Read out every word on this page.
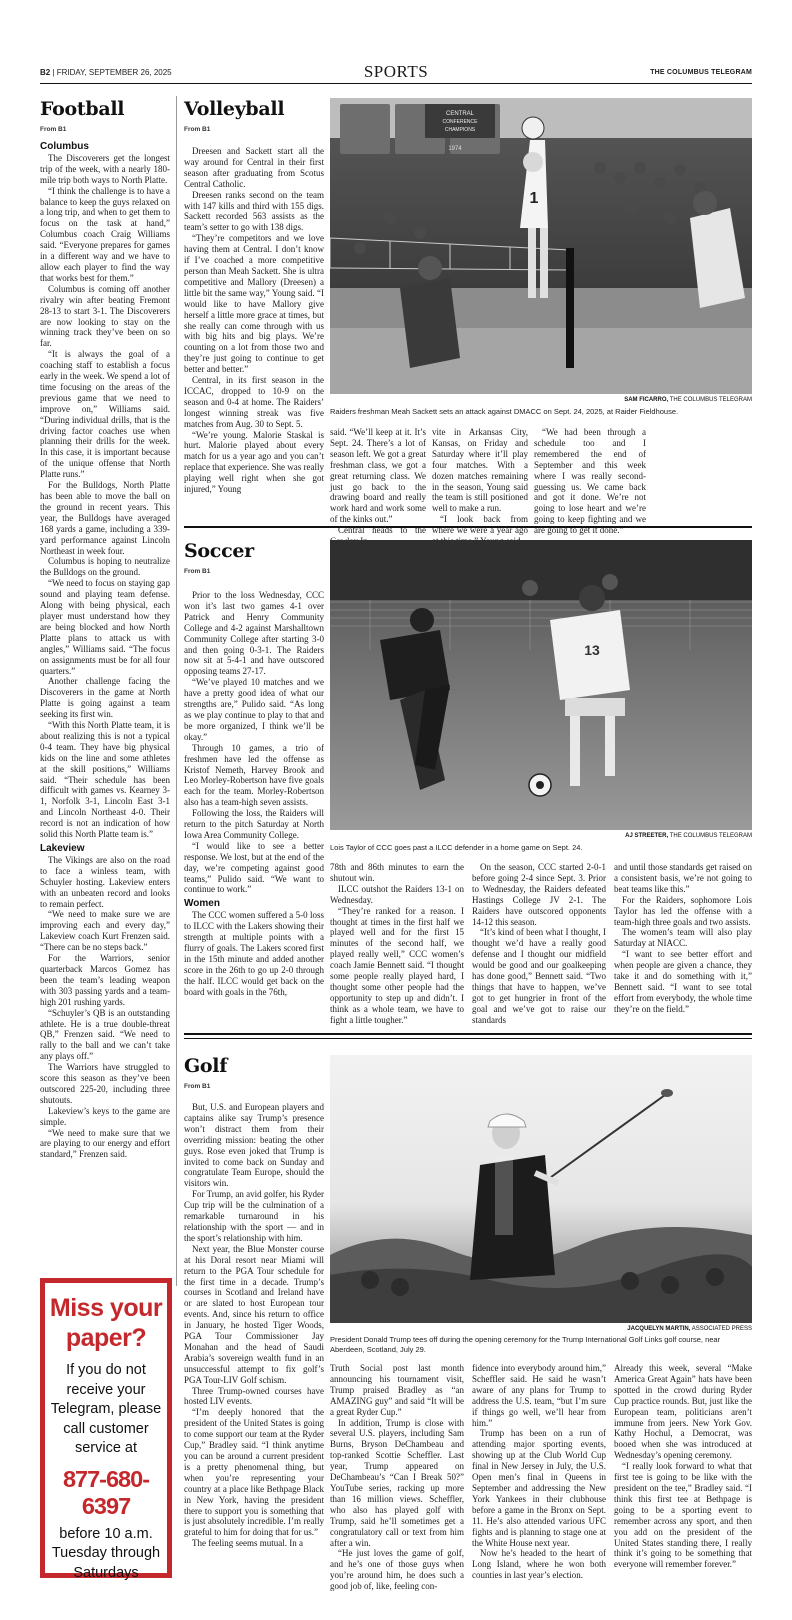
B2 | FRIDAY, SEPTEMBER 26, 2025	SPORTS	THE COLUMBUS TELEGRAM
Football
From B1
Columbus

The Discoverers get the longest trip of the week, with a nearly 180-mile trip both ways to North Platte.

“I think the challenge is to have a balance to keep the guys relaxed on a long trip, and when to get them to focus on the task at hand,” Columbus coach Craig Williams said. “Everyone prepares for games in a different way and we have to allow each player to find the way that works best for them.”

Columbus is coming off another rivalry win after beating Fremont 28-13 to start 3-1. The Discoverers are now looking to stay on the winning track they’ve been on so far.

“It is always the goal of a coaching staff to establish a focus early in the week. We spend a lot of time focusing on the areas of the previous game that we need to improve on,” Williams said. “During individual drills, that is the driving factor coaches use when planning their drills for the week. In this case, it is important because of the unique offense that North Platte runs.”

For the Bulldogs, North Platte has been able to move the ball on the ground in recent years. This year, the Bulldogs have averaged 168 yards a game, including a 339-yard performance against Lincoln Northeast in week four.

Columbus is hoping to neutralize the Bulldogs on the ground.

“We need to focus on staying gap sound and playing team defense. Along with being physical, each player must understand how they are being blocked and how North Platte plans to attack us with angles,” Williams said. “The focus on assignments must be for all four quarters.”

Another challenge facing the Discoverers in the game at North Platte is going against a team seeking its first win.

“With this North Platte team, it is about realizing this is not a typical 0-4 team. They have big physical kids on the line and some athletes at the skill positions,” Williams said. “Their schedule has been difficult with games vs. Kearney 3-1, Norfolk 3-1, Lincoln East 3-1 and Lincoln Northeast 4-0. Their record is not an indication of how solid this North Platte team is.”

Lakeview

The Vikings are also on the road to face a winless team, with Schuyler hosting. Lakeview enters with an unbeaten record and looks to remain perfect.

“We need to make sure we are improving each and every day,” Lakeview coach Kurt Frenzen said. “There can be no steps back.”

For the Warriors, senior quarterback Marcos Gomez has been the team’s leading weapon with 303 passing yards and a team-high 201 rushing yards.

“Schuyler’s QB is an outstanding athlete. He is a true double-threat QB,” Frenzen said. “We need to rally to the ball and we can’t take any plays off.”

The Warriors have struggled to score this season as they’ve been outscored 225-20, including three shutouts.

Lakeview’s keys to the game are simple.

“We need to make sure that we are playing to our energy and effort standard,” Frenzen said.

Miss your paper?
If you do not receive your Telegram, please call customer service at
877-680-6397
before 10 a.m. Tuesday through Saturdays
Volleyball
From B1

Dreesen and Sackett start all the way around for Central in their first season after graduating from Scotus Central Catholic.

Dreesen ranks second on the team with 147 kills and third with 155 digs. Sackett recorded 563 assists as the team’s setter to go with 138 digs.

“They’re competitors and we love having them at Central. I don’t know if I’ve coached a more competitive person than Meah Sackett. She is ultra competitive and Mallory (Dreesen) a little bit the same way,” Young said. “I would like to have Mallory give herself a little more grace at times, but she really can come through with us with big hits and big plays. We’re counting on a lot from those two and they’re just going to continue to get better and better.”

Central, in its first season in the ICCAC, dropped to 10-9 on the season and 0-4 at home. The Raiders’ longest winning streak was five matches from Aug. 30 to Sept. 5.

“We’re young. Malorie Staskal is hurt. Malorie played about every match for us a year ago and you can’t replace that experience. She was really playing well right when she got injured,” Young

CENTRAL
CONFERENCE
CHAMPIONS
1974
1
SAM FICARRO, THE COLUMBUS TELEGRAM
Raiders freshman Meah Sackett sets an attack against DMACC on Sept. 24, 2025, at Raider Fieldhouse.

said. “We’ll keep at it. It’s Sept. 24. There’s a lot of season left. We got a great freshman class, we got a great returning class. We just go back to the drawing board and really work hard and work some of the kinks out.”

Central heads to the

vite in Arkansas City, Kansas, on Friday and Saturday where it’ll play four matches. With a dozen matches remaining in the season, Young said the team is still positioned well to make a run.

“I look back from where we were a year ago

“We had been through a schedule too and I remembered the end of September and this week where I was really second-guessing us. We came back and got it done. We’re not going to lose heart and we’re going to keep fighting and we are going to get it done.”

Soccer
From B1

Prior to the loss Wednesday, CCC won it’s last two games 4-1 over Patrick and Henry Community College and 4-2 against Marshalltown Community College after starting 3-0 and then going 0-3-1. The Raiders now sit at 5-4-1 and have outscored opposing teams 27-17.

“We’ve played 10 matches and we have a pretty good idea of what our strengths are,” Pulido said. “As long as we play continue to play to that and be more organized, I think we’ll be okay.”

Through 10 games, a trio of freshmen have led the offense as Kristof Nemeth, Harvey Brook and Leo Morley-Robertson have five goals each for the team. Morley-Robertson also has a team-high seven assists.

Following the loss, the Raiders will return to the pitch Saturday at North Iowa Area Community College.

“I would like to see a better response. We lost, but at the end of the day, we’re competing against good teams,” Pulido said. “We want to continue to work.”

Women

The CCC women suffered a 5-0 loss to ILCC with the Lakers showing their strength at multiple points with a flurry of goals. The Lakers scored first in the 15th minute and added another score in the 26th to go up 2-0 through the half. ILCC would get back on the board with goals in the 76th,

13
AJ STREETER, THE COLUMBUS TELEGRAM
Lois Taylor of CCC goes past a ILCC defender in a home game on Sept. 24.

78th and 86th minutes to earn the shutout win.

ILCC outshot the Raiders 13-1 on Wednesday.

“They’re ranked for a reason. I thought at times in the first half we played well and for the first 15 minutes of the second half, we played really well,” CCC women’s coach Jamie Bennett said. “I thought some people really played hard, I thought some other people had the opportunity to step up and didn’t. I think as a whole team, we have to fight a little tougher.”

On the season, CCC started 2-0-1 before going 2-4 since Sept. 3. Prior to Wednesday, the Raiders defeated Hastings College JV 2-1. The Raiders have outscored opponents 14-12 this season.

“It’s kind of been what I thought, I thought we’d have a really good defense and I thought our midfield would be good and our goalkeeping has done good,” Bennett said. “Two things that have to happen, we’ve got to get hungrier in front of the goal and we’ve got to raise our standards

and until those standards get raised on a consistent basis, we’re not going to beat teams like this.”

For the Raiders, sophomore Lois Taylor has led the offense with a team-high three goals and two assists.

The women’s team will also play Saturday at NIACC.

“I want to see better effort and when people are given a chance, they take it and do something with it,” Bennett said. “I want to see total effort from everybody, the whole time they’re on the field.”

Golf
From B1

But, U.S. and European players and captains alike say Trump’s presence won’t distract them from their overriding mission: beating the other guys. Rose even joked that Trump is invited to come back on Sunday and congratulate Team Europe, should the visitors win.

For Trump, an avid golfer, his Ryder Cup trip will be the culmination of a remarkable turnaround in his relationship with the sport — and in the sport’s relationship with him.

Next year, the Blue Monster course at his Doral resort near Miami will return to the PGA Tour schedule for the first time in a decade. Trump’s courses in Scotland and Ireland have or are slated to host European tour events. And, since his return to office in January, he hosted Tiger Woods, PGA Tour Commissioner Jay Monahan and the head of Saudi Arabia’s sovereign wealth fund in an unsuccessful attempt to fix golf’s PGA Tour-LIV Golf schism.

Three Trump-owned courses have hosted LIV events.

“I’m deeply honored that the president of the United States is going to come support our team at the Ryder Cup,” Bradley said. “I think anytime you can be around a current president is a pretty phenomenal thing, but when you’re representing your country at a place like Bethpage Black in New York, having the president there to support you is something that is just absolutely incredible. I’m really grateful to him for doing that for us.”

The feeling seems mutual. In a

JACQUELYN MARTIN, ASSOCIATED PRESS
President Donald Trump tees off during the opening ceremony for the Trump International Golf Links golf course, near Aberdeen, Scotland, July 29.

Truth Social post last month announcing his tournament visit, Trump praised Bradley as “an AMAZING guy” and said “It will be a great Ryder Cup.”

In addition, Trump is close with several U.S. players, including Sam Burns, Bryson DeChambeau and top-ranked Scottie Scheffler. Last year, Trump appeared on DeChambeau’s “Can I Break 50?” YouTube series, racking up more than 16 million views. Scheffler, who also has played golf with Trump, said he’ll sometimes get a congratulatory call or text from him after a win.

“He just loves the game of golf, and he’s one of those guys when you’re around him, he does such a good job of, like, feeling con-

fidence into everybody around him,” Scheffler said. He said he wasn’t aware of any plans for Trump to address the U.S. team, “but I’m sure if things go well, we’ll hear from him.”

Trump has been on a run of attending major sporting events, showing up at the Club World Cup final in New Jersey in July, the U.S. Open men’s final in Queens in September and addressing the New York Yankees in their clubhouse before a game in the Bronx on Sept. 11. He’s also attended various UFC fights and is planning to stage one at the White House next year.

Now he’s headed to the heart of Long Island, where he won both counties in last year’s election.

Already this week, several “Make America Great Again” hats have been spotted in the crowd during Ryder Cup practice rounds. But, just like the European team, politicians aren’t immune from jeers. New York Gov. Kathy Hochul, a Democrat, was booed when she was introduced at Wednesday’s opening ceremony.

“I really look forward to what that first tee is going to be like with the president on the tee,” Bradley said. “I think this first tee at Bethpage is going to be a sporting event to remember across any sport, and then you add on the president of the United States standing there, I really think it’s going to be something that everyone will remember forever.”
